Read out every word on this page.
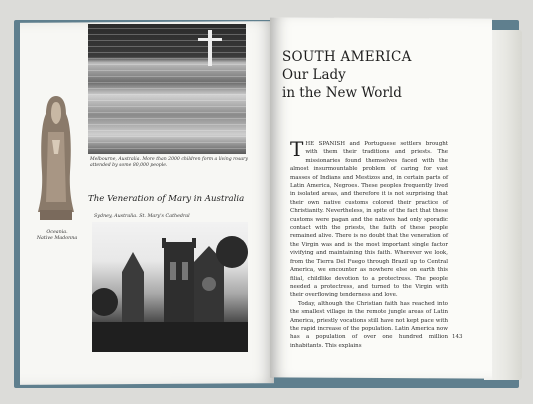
Melbourne, Australia. More than 2000 children form a living rosary attended by some 80,000 people.
Oceania.
Native Madonna
The Veneration of Mary in Australia
Sydney, Australia. St. Mary's Cathedral
SOUTH AMERICA
Our Lady
in the New World

THE SPANISH and Portuguese settlers brought with them their traditions and priests. The missionaries found themselves faced with the almost insurmountable problem of caring for vast masses of Indians and Mestizos and, in certain parts of Latin America, Negroes. These peoples frequently lived in isolated areas, and therefore it is not surprising that their own native customs colored their practice of Christianity. Nevertheless, in spite of the fact that these customs were pagan and the natives had only sporadic contact with the priests, the faith of these people remained alive. There is no doubt that the veneration of the Virgin was and is the most important single factor vivifying and maintaining this faith. Wherever we look, from the Tierra Del Fuego through Brazil up to Central America, we encounter as nowhere else on earth this filial, childlike devotion to a protectress. The people needed a protectress, and turned to the Virgin with their overflowing tenderness and love.

Today, although the Christian faith has reached into the smallest village in the remote jungle areas of Latin America, priestly vocations still have not kept pace with the rapid increase of the population. Latin America now has a population of over one hundred million inhabitants. This explains

143
